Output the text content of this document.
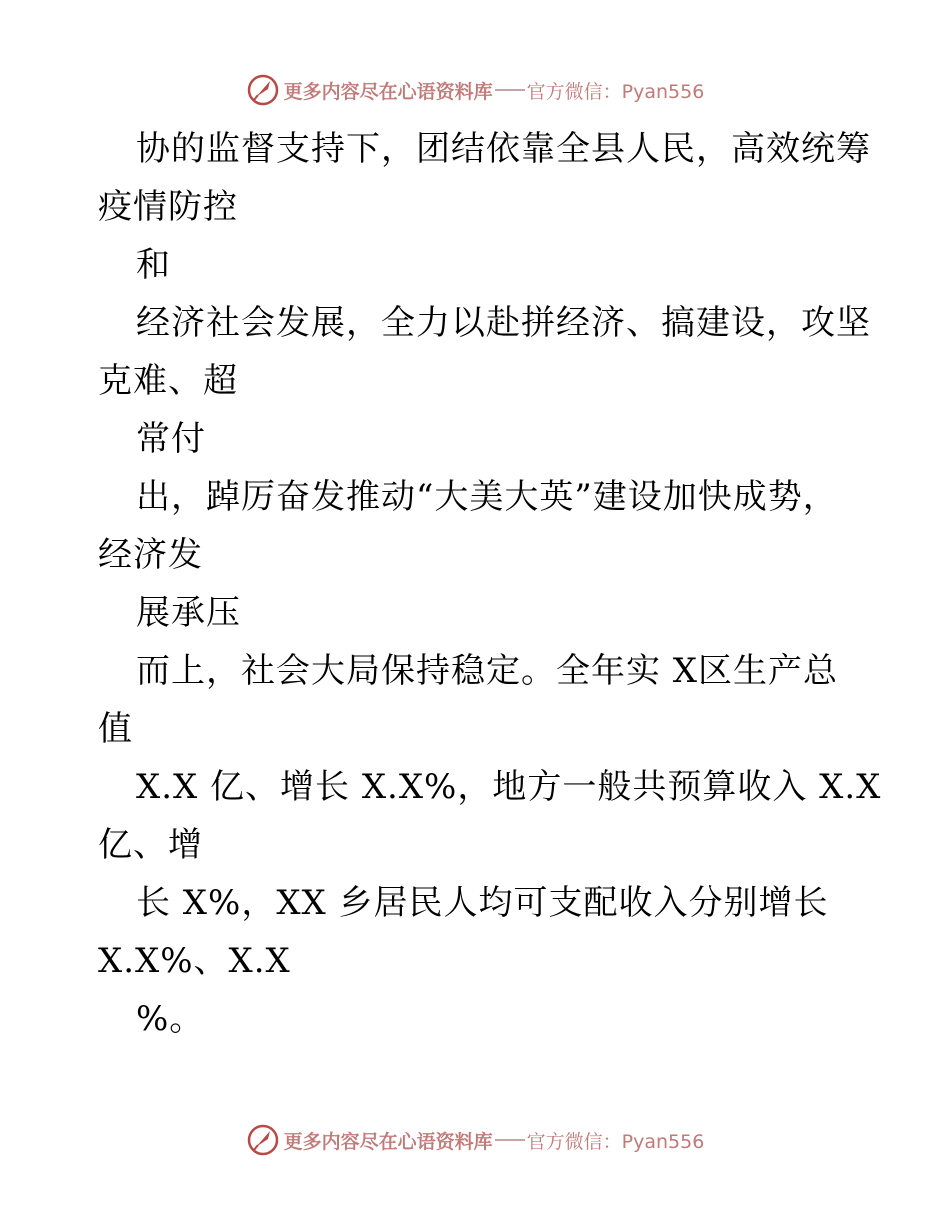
更多内容尽在心语资料库 官方微信：Pyan556
协的监督支持下，团结依靠全县人民，高效统筹
疫情防控
和
经济社会发展，全力以赴拼经济、搞建设，攻坚
克难、超
常付
出，踔厉奋发推动“大美大英”建设加快成势，
经济发
展承压
而上，社会大局保持稳定。全年实 X区生产总
值
X.X 亿、增长 X.X%，地方一般共预算收入 X.X
亿、增
长 X%，XX 乡居民人均可支配收入分别增长
X.X%、X.X
%。
更多内容尽在心语资料库 官方微信：Pyan556
